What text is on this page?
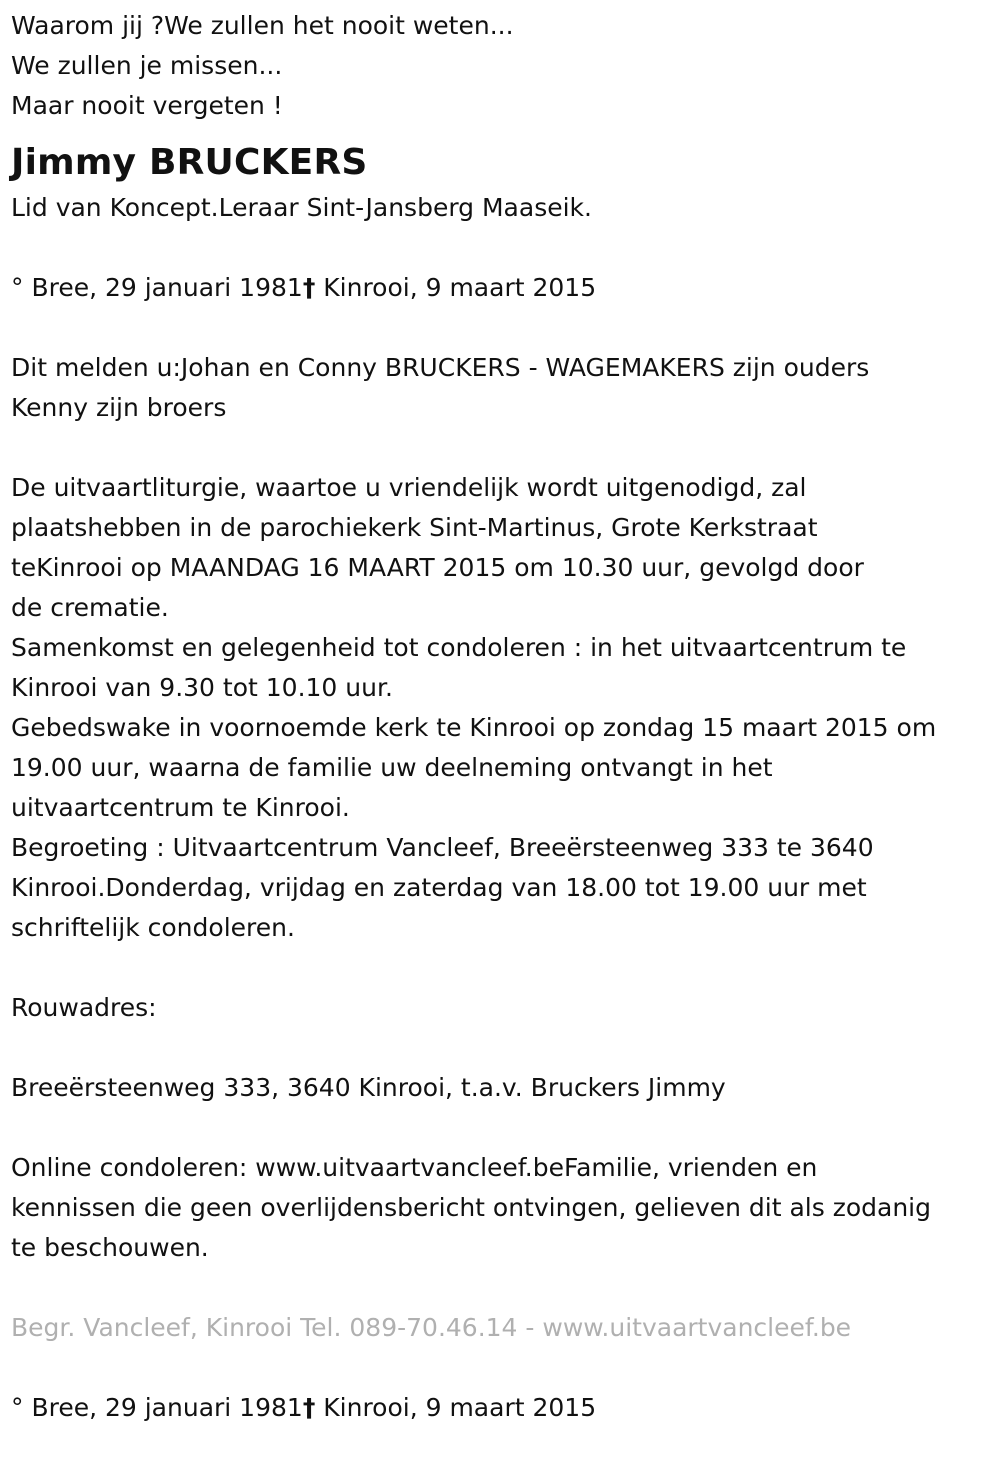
Waarom jij ?We zullen het nooit weten...
We zullen je missen...
Maar nooit vergeten !
Jimmy BRUCKERS
Lid van Koncept.Leraar Sint-Jansberg Maaseik.
° Bree, 29 januari 1981† Kinrooi, 9 maart 2015
Dit melden u:Johan en Conny BRUCKERS - WAGEMAKERS zijn ouders
Kenny zijn broers
De uitvaartliturgie, waartoe u vriendelijk wordt uitgenodigd, zal
plaatshebben in de parochiekerk Sint-Martinus, Grote Kerkstraat
teKinrooi op MAANDAG 16 MAART 2015 om 10.30 uur, gevolgd door
de crematie.
Samenkomst en gelegenheid tot condoleren : in het uitvaartcentrum te
Kinrooi van 9.30 tot 10.10 uur.
Gebedswake in voornoemde kerk te Kinrooi op zondag 15 maart 2015 om
19.00 uur, waarna de familie uw deelneming ontvangt in het
uitvaartcentrum te Kinrooi.
Begroeting : Uitvaartcentrum Vancleef, Breeërsteenweg 333 te 3640
Kinrooi.Donderdag, vrijdag en zaterdag van 18.00 tot 19.00 uur met
schriftelijk condoleren.
Rouwadres:
Breeërsteenweg 333, 3640 Kinrooi, t.a.v. Bruckers Jimmy
Online condoleren: www.uitvaartvancleef.beFamilie, vrienden en
kennissen die geen overlijdensbericht ontvingen, gelieven dit als zodanig
te beschouwen.
Begr. Vancleef, Kinrooi Tel. 089-70.46.14 - www.uitvaartvancleef.be
° Bree, 29 januari 1981† Kinrooi, 9 maart 2015
